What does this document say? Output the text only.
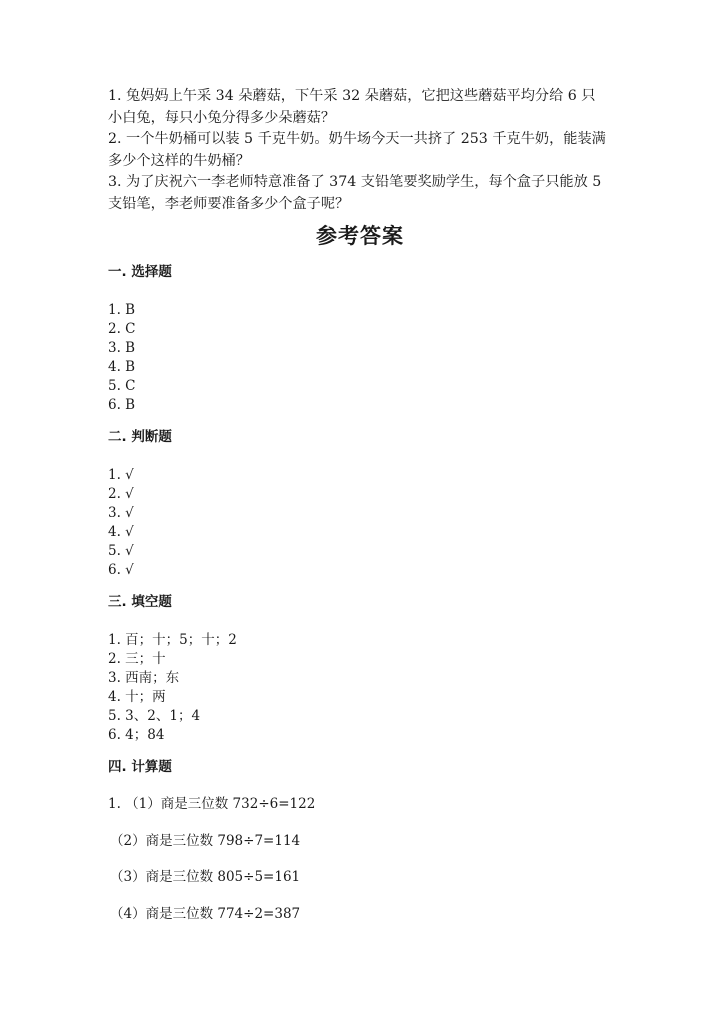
1. 兔妈妈上午采 34 朵蘑菇，下午采 32 朵蘑菇，它把这些蘑菇平均分给 6 只小白兔，每只小兔分得多少朵蘑菇？

2. 一个牛奶桶可以装 5 千克牛奶。奶牛场今天一共挤了 253 千克牛奶，能装满多少个这样的牛奶桶？

3. 为了庆祝六一李老师特意准备了 374 支铅笔要奖励学生，每个盒子只能放 5 支铅笔，李老师要准备多少个盒子呢？

参考答案

一. 选择题

1. B
2. C
3. B
4. B
5. C
6. B

二. 判断题

1. √
2. √
3. √
4. √
5. √
6. √

三. 填空题

1. 百；十；5；十；2
2. 三；十
3. 西南；东
4. 十；两
5. 3、2、1；4
6. 4；84

四. 计算题

1. （1）商是三位数 732÷6=122
（2）商是三位数 798÷7=114
（3）商是三位数 805÷5=161
（4）商是三位数 774÷2=387
